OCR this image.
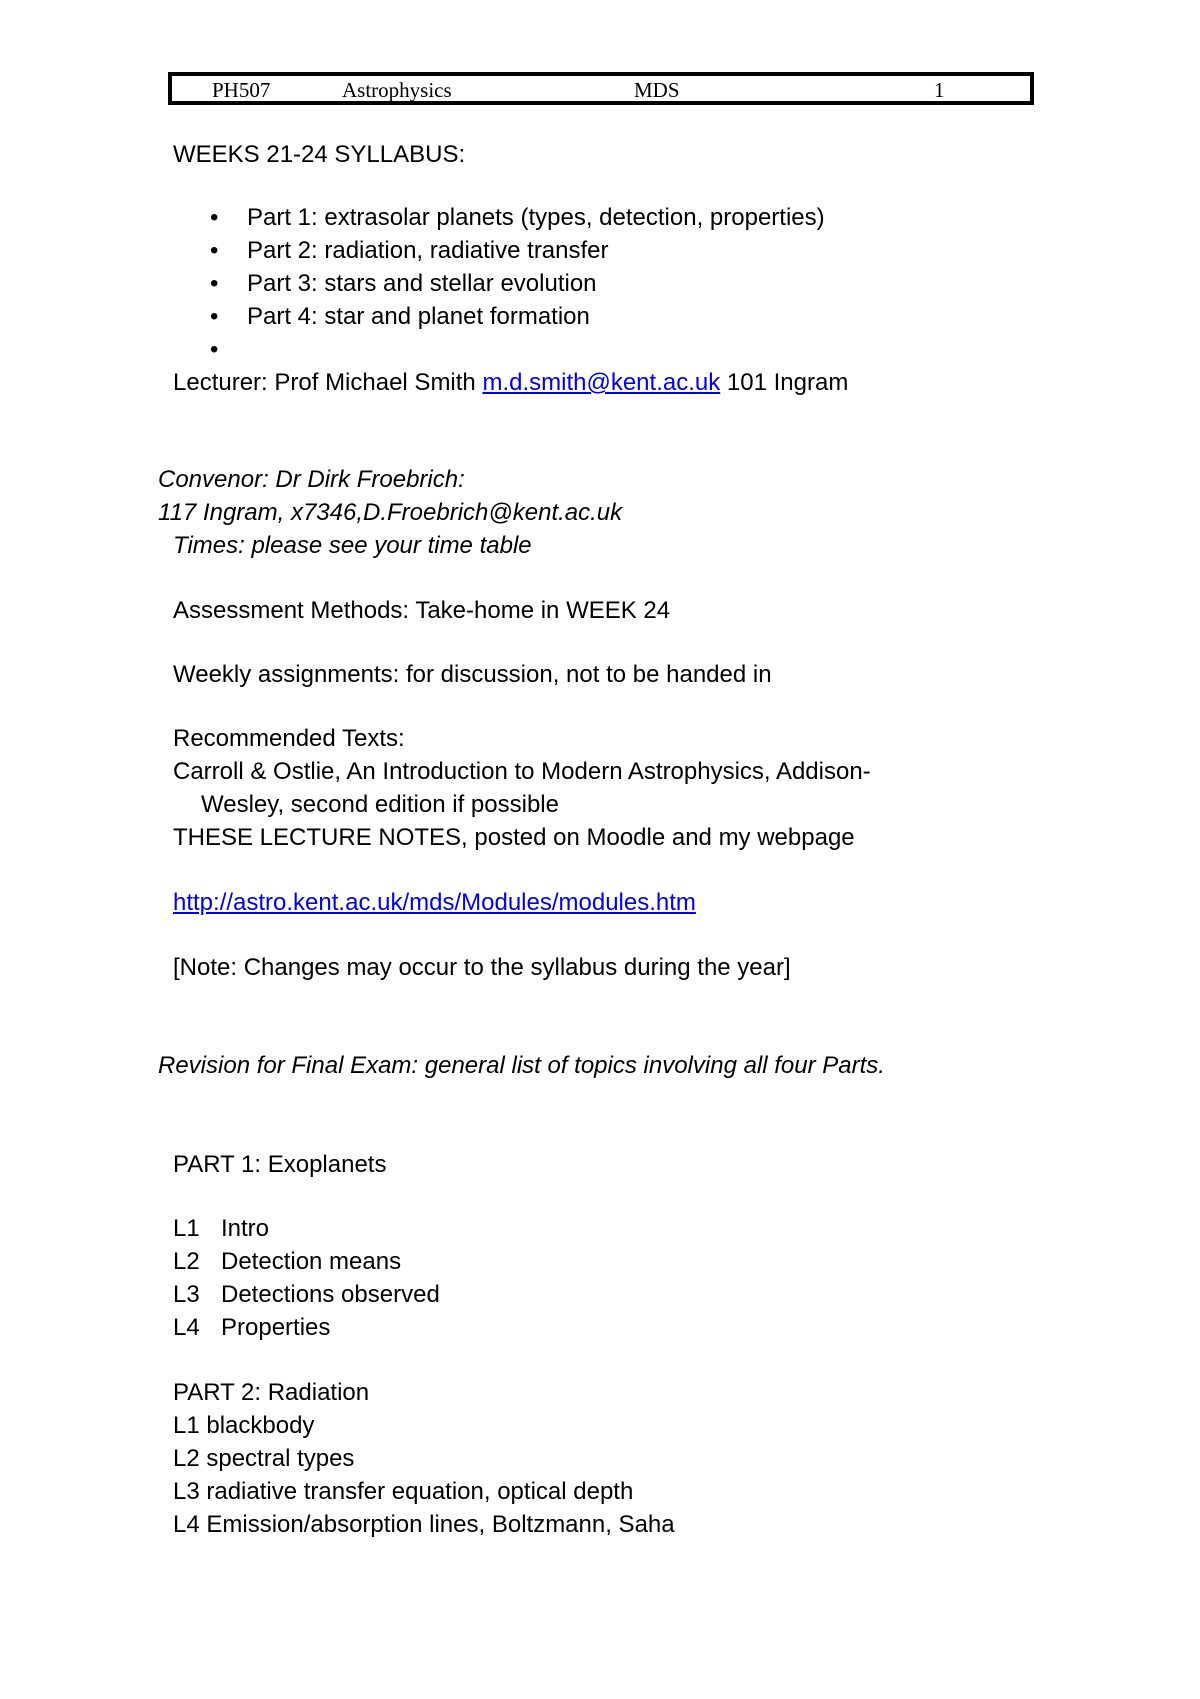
PH507	Astrophysics	MDS	1
WEEKS 21-24 SYLLABUS:
• Part 1: extrasolar planets (types, detection, properties)
• Part 2: radiation, radiative transfer
• Part 3: stars and stellar evolution
• Part 4: star and planet formation
•
Lecturer: Prof Michael Smith m.d.smith@kent.ac.uk 101 Ingram
Convenor: Dr Dirk Froebrich:
117 Ingram, x7346,D.Froebrich@kent.ac.uk
Times: please see your time table
Assessment Methods: Take-home in WEEK 24
Weekly assignments: for discussion, not to be handed in
Recommended Texts:
Carroll & Ostlie, An Introduction to Modern Astrophysics, Addison-
Wesley, second edition if possible
THESE LECTURE NOTES, posted on Moodle and my webpage
http://astro.kent.ac.uk/mds/Modules/modules.htm
[Note: Changes may occur to the syllabus during the year]
Revision for Final Exam: general list of topics involving all four Parts.
PART 1: Exoplanets
L1 Intro
L2 Detection means
L3 Detections observed
L4 Properties
PART 2: Radiation
L1 blackbody
L2 spectral types
L3 radiative transfer equation, optical depth
L4 Emission/absorption lines, Boltzmann, Saha
